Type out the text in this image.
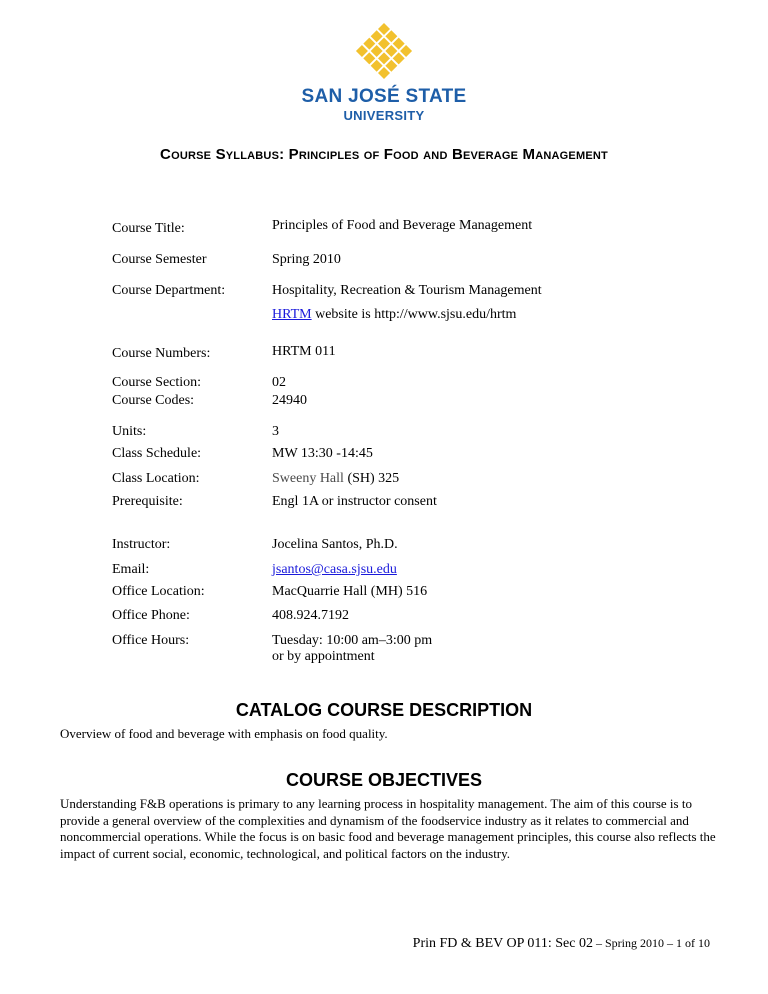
SAN JOSÉ STATE
UNIVERSITY
Course Syllabus: Principles of Food and Beverage Management
Course Title:	Principles of Food and Beverage Management
Course Semester	Spring 2010
Course Department:	Hospitality, Recreation & Tourism Management
HRTM website is http://www.sjsu.edu/hrtm
Course Numbers:	HRTM 011
Course Section:	02
Course Codes:	24940
Units:	3
Class Schedule:	MW 13:30 -14:45
Class Location:	Sweeny Hall (SH) 325
Prerequisite:	Engl 1A or instructor consent
Instructor:	Jocelina Santos, Ph.D.
Email:	jsantos@casa.sjsu.edu
Office Location:	MacQuarrie Hall (MH) 516
Office Phone:	408.924.7192
Office Hours:	Tuesday: 10:00 am–3:00 pm
or by appointment
CATALOG COURSE DESCRIPTION
Overview of food and beverage with emphasis on food quality.
COURSE OBJECTIVES
Understanding F&B operations is primary to any learning process in hospitality management. The aim of this course is to provide a general overview of the complexities and dynamism of the foodservice industry as it relates to commercial and noncommercial operations. While the focus is on basic food and beverage management principles, this course also reflects the impact of current social, economic, technological, and political factors on the industry.
Prin FD & BEV OP 011: Sec 02 – Spring 2010 – 1 of 10
